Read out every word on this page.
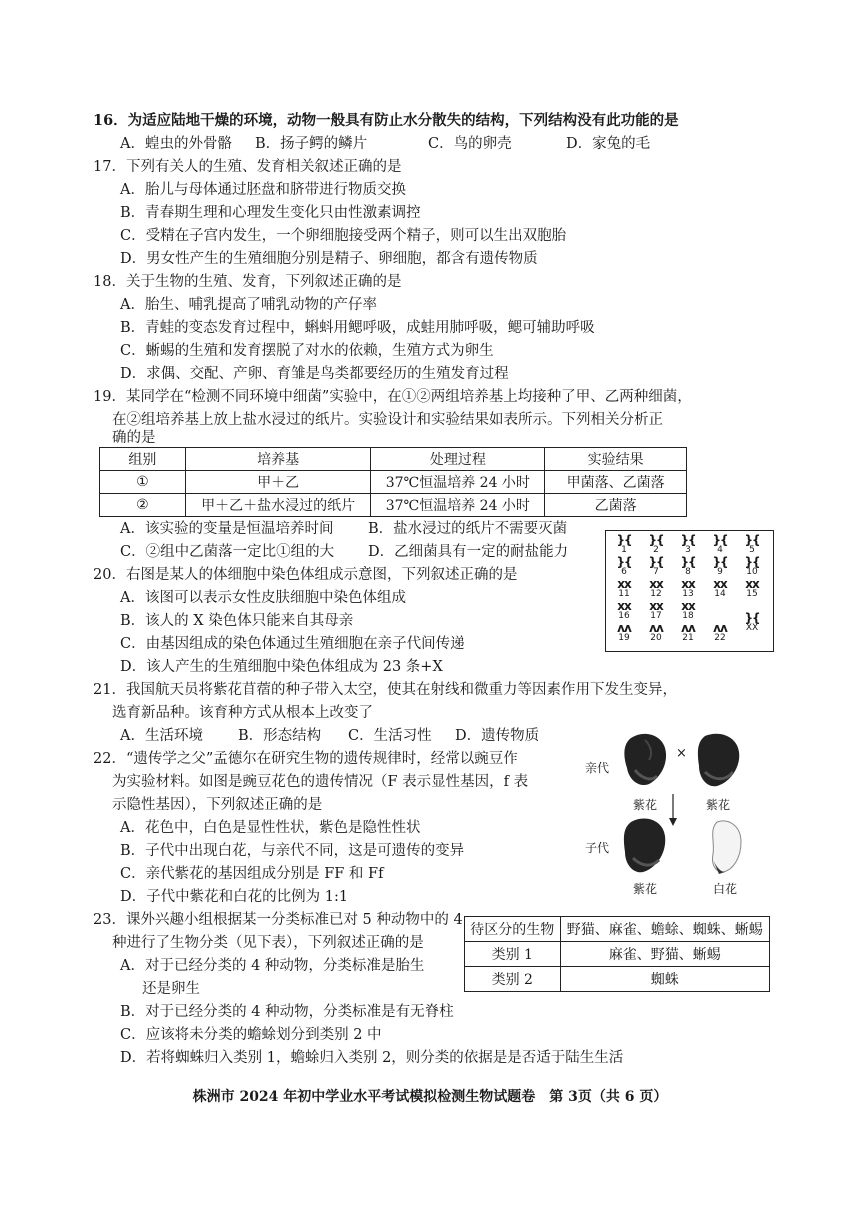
16．为适应陆地干燥的环境，动物一般具有防止水分散失的结构，下列结构没有此功能的是
A．蝗虫的外骨骼 B．扬子鳄的鳞片	C．鸟的卵壳	D．家兔的毛
17．下列有关人的生殖、发育相关叙述正确的是
A．胎儿与母体通过胚盘和脐带进行物质交换
B．青春期生理和心理发生变化只由性激素调控
C．受精在子宫内发生，一个卵细胞接受两个精子，则可以生出双胞胎
D．男女性产生的生殖细胞分别是精子、卵细胞，都含有遗传物质
18．关于生物的生殖、发育，下列叙述正确的是
A．胎生、哺乳提高了哺乳动物的产仔率
B．青蛙的变态发育过程中，蝌蚪用鳃呼吸，成蛙用肺呼吸，鳃可辅助呼吸
C．蜥蜴的生殖和发育摆脱了对水的依赖，生殖方式为卵生
D．求偶、交配、产卵、育雏是鸟类都要经历的生殖发育过程
19．某同学在“检测不同环境中细菌”实验中，在①②两组培养基上均接种了甲、乙两种细菌，
在②组培养基上放上盐水浸过的纸片。实验设计和实验结果如表所示。下列相关分析正
确的是
组别	培养基	处理过程	实验结果
①	甲＋乙	37℃恒温培养 24 小时	甲菌落、乙菌落
②	甲＋乙＋盐水浸过的纸片	37℃恒温培养 24 小时	乙菌落
A．该实验的变量是恒温培养时间 B．盐水浸过的纸片不需要灭菌
C．②组中乙菌落一定比①组的大 D．乙细菌具有一定的耐盐能力
20．右图是某人的体细胞中染色体组成示意图，下列叙述正确的是
A．该图可以表示女性皮肤细胞中染色体组成
B．该人的 X 染色体只能来自其母亲
C．由基因组成的染色体通过生殖细胞在亲子代间传递
D．该人产生的生殖细胞中染色体组成为 23 条+X
}{
1
}{
2
}{
3
}{
4
}{
5
}{
6
}{
7
}{
8
}{
9
}{
10
xx
11
xx
12
xx
13
xx
14
xx
15
xx
16
xx
17
xx
18
ᴧᴧ
19
ᴧᴧ
20
ᴧᴧ
21
ᴧᴧ
22
}{
XX
21．我国航天员将紫花苜蓿的种子带入太空，使其在射线和微重力等因素作用下发生变异，
选育新品种。该育种方式从根本上改变了
A．生活环境 B．形态结构 C．生活习性 D．遗传物质
22．“遗传学之父”孟德尔在研究生物的遗传规律时，经常以豌豆作
为实验材料。如图是豌豆花色的遗传情况（F 表示显性基因，f 表
示隐性基因），下列叙述正确的是
A．花色中，白色是显性性状，紫色是隐性性状
B．子代中出现白花，与亲代不同，这是可遗传的变异
C．亲代紫花的基因组成分别是 FF 和 Ff
D．子代中紫花和白花的比例为 1:1
亲代
×
紫花	紫花
子代
紫花	白花
23．课外兴趣小组根据某一分类标准已对 5 种动物中的 4
种进行了生物分类（见下表），下列叙述正确的是
A．对于已经分类的 4 种动物，分类标准是胎生
还是卵生
B．对于已经分类的 4 种动物，分类标准是有无脊柱
C．应该将未分类的蟾蜍划分到类别 2 中
D．若将蜘蛛归入类别 1，蟾蜍归入类别 2，则分类的依据是是否适于陆生生活
待区分的生物	野猫、麻雀、蟾蜍、蜘蛛、蜥蜴
类别 1	麻雀、野猫、蜥蜴
类别 2	蜘蛛
株洲市 2024 年初中学业水平考试模拟检测生物试题卷　第 3页（共 6 页）
